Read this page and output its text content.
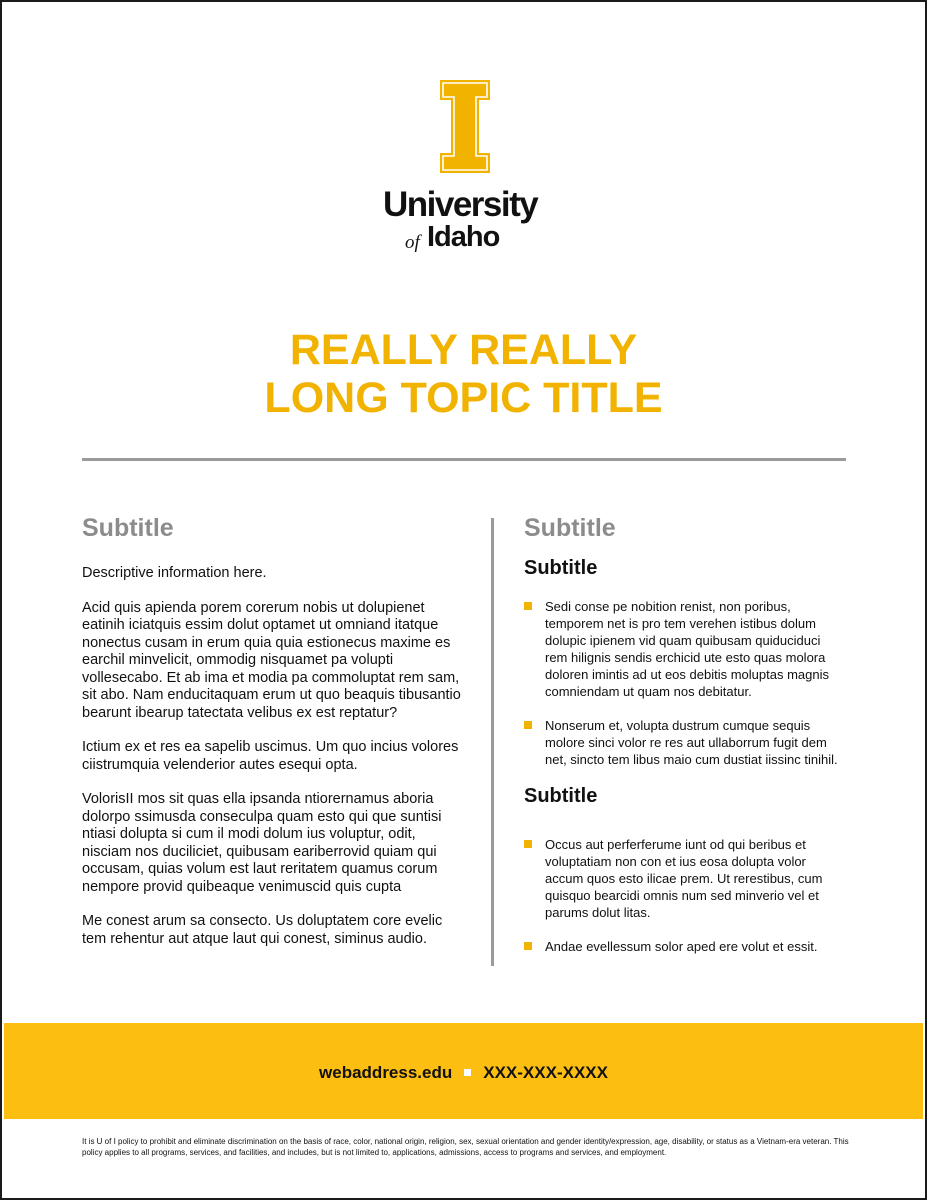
University
of Idaho
REALLY REALLY
LONG TOPIC TITLE
Subtitle

Descriptive information here.

Acid quis apienda porem corerum nobis ut dolupienet eatinih iciatquis essim dolut optamet ut omniand itatque nonectus cusam in erum quia quia estionecus maxime es earchil minvelicit, ommodig nisquamet pa volupti vollesecabo. Et ab ima et modia pa commoluptat rem sam, sit abo. Nam enducitaquam erum ut quo beaquis tibusantio bearunt ibearup tatectata velibus ex est reptatur?

Ictium ex et res ea sapelib uscimus. Um quo incius volores ciistrumquia velenderior autes esequi opta.

VolorisII mos sit quas ella ipsanda ntiorernamus aboria dolorpo ssimusda conseculpa quam esto qui que suntisi ntiasi dolupta si cum il modi dolum ius voluptur, odit, nisciam nos duciliciet, quibusam eariberrovid quiam qui occusam, quias volum est laut reritatem quamus corum nempore provid quibeaque venimuscid quis cupta

Me conest arum sa consecto. Us doluptatem core evelic tem rehentur aut atque laut qui conest, siminus audio.

Subtitle
Subtitle
Sedi conse pe nobition renist, non poribus, temporem net is pro tem verehen istibus dolum dolupic ipienem vid quam quibusam quiduciduci rem hilignis sendis erchicid ute esto quas molora doloren imintis ad ut eos debitis moluptas magnis comniendam ut quam nos debitatur.
Nonserum et, volupta dustrum cumque sequis molore sinci volor re res aut ullaborrum fugit dem net, sincto tem libus maio cum dustiat iissinc tinihil.
Subtitle
Occus aut perferferume iunt od qui beribus et voluptatiam non con et ius eosa dolupta volor accum quos esto ilicae prem. Ut rerestibus, cum quisquo bearcidi omnis num sed minverio vel et parums dolut litas.
Andae evellessum solor aped ere volut et essit.
webaddress.edu XXX-XXX-XXXX
It is U of I policy to prohibit and eliminate discrimination on the basis of race, color, national origin, religion, sex, sexual orientation and gender identity/expression, age, disability, or status as a Vietnam-era veteran. This policy applies to all programs, services, and facilities, and includes, but is not limited to, applications, admissions, access to programs and services, and employment.
